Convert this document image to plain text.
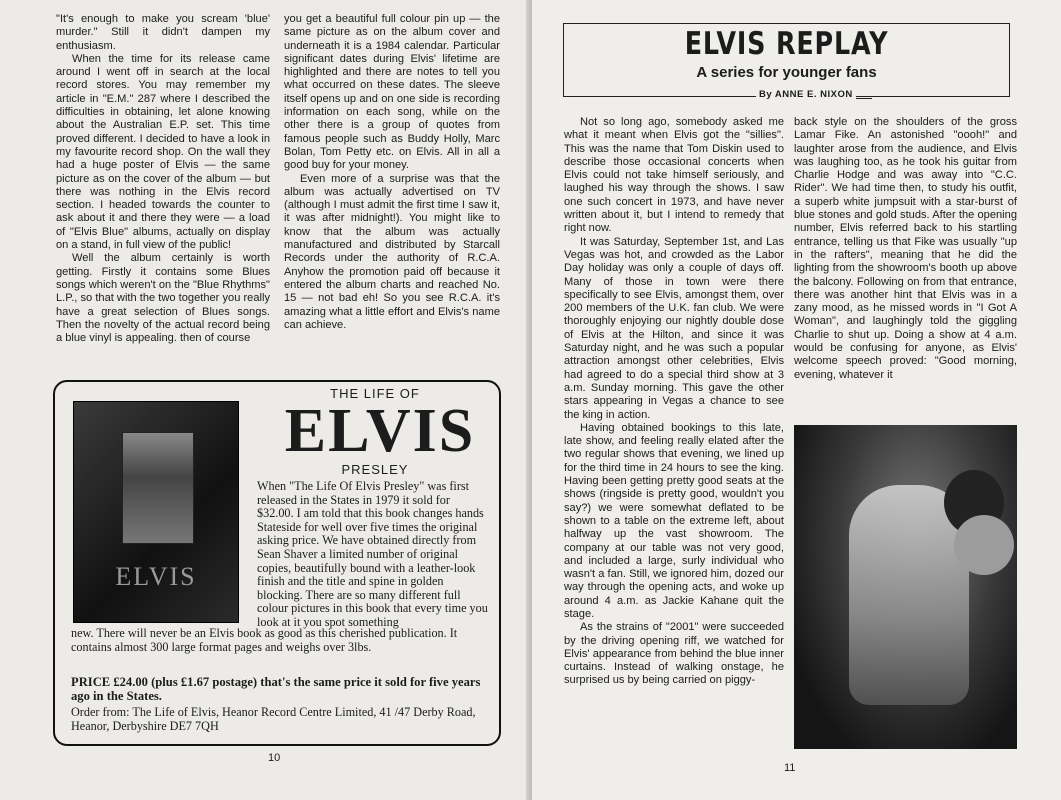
"It's enough to make you scream 'blue' murder." Still it didn't dampen my enthusiasm.

When the time for its release came around I went off in search at the local record stores. You may remember my article in "E.M." 287 where I described the difficulties in obtaining, let alone knowing about the Australian E.P. set. This time proved different. I decided to have a look in my favourite record shop. On the wall they had a huge poster of Elvis — the same picture as on the cover of the album — but there was nothing in the Elvis record section. I headed towards the counter to ask about it and there they were — a load of "Elvis Blue" albums, actually on display on a stand, in full view of the public!

Well the album certainly is worth getting. Firstly it contains some Blues songs which weren't on the "Blue Rhythms" L.P., so that with the two together you really have a great selection of Blues songs. Then the novelty of the actual record being a blue vinyl is appealing. then of course

you get a beautiful full colour pin up — the same picture as on the album cover and underneath it is a 1984 calendar. Particular significant dates during Elvis' lifetime are highlighted and there are notes to tell you what occurred on these dates. The sleeve itself opens up and on one side is recording information on each song, while on the other there is a group of quotes from famous people such as Buddy Holly, Marc Bolan, Tom Petty etc. on Elvis. All in all a good buy for your money.

Even more of a surprise was that the album was actually advertised on TV (although I must admit the first time I saw it, it was after midnight!). You might like to know that the album was actually manufactured and distributed by Starcall Records under the authority of R.C.A. Anyhow the promotion paid off because it entered the album charts and reached No. 15 — not bad eh! So you see R.C.A. it's amazing what a little effort and Elvis's name can achieve.

ELVIS
THE LIFE OF
ELVIS
PRESLEY
When "The Life Of Elvis Presley" was first released in the States in 1979 it sold for $32.00. I am told that this book changes hands Stateside for well over five times the original asking price. We have obtained directly from Sean Shaver a limited number of original copies, beautifully bound with a leather-look finish and the title and spine in golden blocking. There are so many different full colour pictures in this book that every time you look at it you spot something
new. There will never be an Elvis book as good as this cherished publication. It contains almost 300 large format pages and weighs over 3lbs.
PRICE £24.00 (plus £1.67 postage) that's the same price it sold for five years ago in the States.
Order from: The Life of Elvis, Heanor Record Centre Limited, 41 /47 Derby Road, Heanor, Derbyshire DE7 7QH
10
ELVIS REPLAY
A series for younger fans
By ANNE E. NIXON

Not so long ago, somebody asked me what it meant when Elvis got the "sillies". This was the name that Tom Diskin used to describe those occasional concerts when Elvis could not take himself seriously, and laughed his way through the shows. I saw one such concert in 1973, and have never written about it, but I intend to remedy that right now.

It was Saturday, September 1st, and Las Vegas was hot, and crowded as the Labor Day holiday was only a couple of days off. Many of those in town were there specifically to see Elvis, amongst them, over 200 members of the U.K. fan club. We were thoroughly enjoying our nightly double dose of Elvis at the Hilton, and since it was Saturday night, and he was such a popular attraction amongst other celebrities, Elvis had agreed to do a special third show at 3 a.m. Sunday morning. This gave the other stars appearing in Vegas a chance to see the king in action.

Having obtained bookings to this late, late show, and feeling really elated after the two regular shows that evening, we lined up for the third time in 24 hours to see the king. Having been getting pretty good seats at the shows (ringside is pretty good, wouldn't you say?) we were somewhat deflated to be shown to a table on the extreme left, about halfway up the vast showroom. The company at our table was not very good, and included a large, surly individual who wasn't a fan. Still, we ignored him, dozed our way through the opening acts, and woke up around 4 a.m. as Jackie Kahane quit the stage.

As the strains of "2001" were succeeded by the driving opening riff, we watched for Elvis' appearance from behind the blue inner curtains. Instead of walking onstage, he surprised us by being carried on piggy-

back style on the shoulders of the gross Lamar Fike. An astonished "oooh!" and laughter arose from the audience, and Elvis was laughing too, as he took his guitar from Charlie Hodge and was away into "C.C. Rider". We had time then, to study his outfit, a superb white jumpsuit with a star-burst of blue stones and gold studs. After the opening number, Elvis referred back to his startling entrance, telling us that Fike was usually "up in the rafters", meaning that he did the lighting from the showroom's booth up above the balcony. Following on from that entrance, there was another hint that Elvis was in a zany mood, as he missed words in "I Got A Woman", and laughingly told the giggling Charlie to shut up. Doing a show at 4 a.m. would be confusing for anyone, as Elvis' welcome speech proved: "Good morning, evening, whatever it

11
